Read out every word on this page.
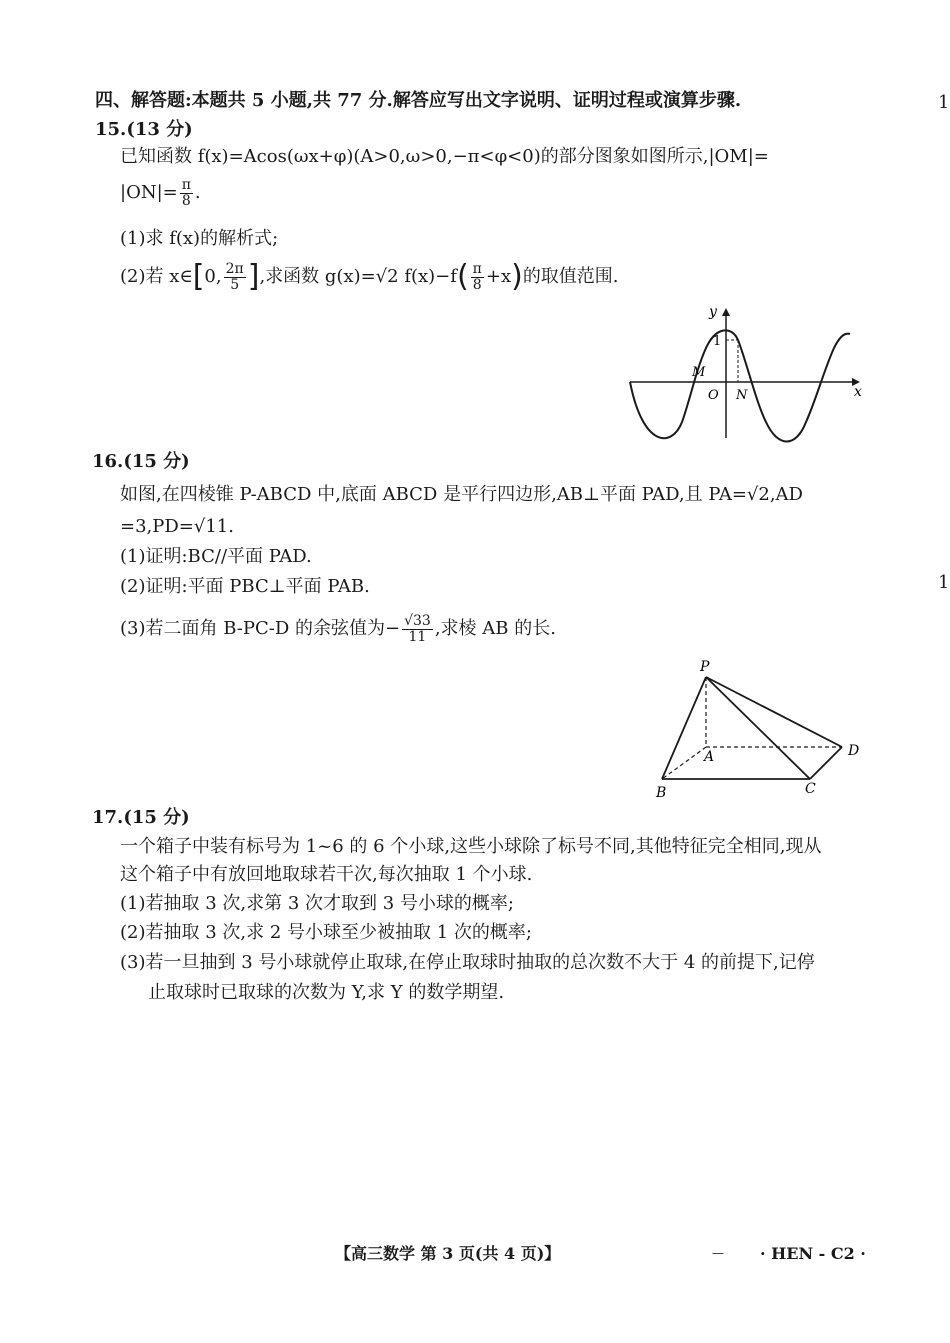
四、解答题:本题共 5 小题,共 77 分.解答应写出文字说明、证明过程或演算步骤.	1
15.(13 分)
已知函数 f(x)=Acos(ωx+φ)(A>0,ω>0,−π<φ<0)的部分图象如图所示,|OM|=
$|ON|= \frac{\pi}{8}$ .
(1)求 f(x)的解析式;
(2)若 x∈[0, $\frac{2\pi}{5}$ ],求函数 g(x)=√2 $f(x)-f( \frac{\pi}{8} +x)$的取值范围.
y
x
1
M
O N
16.(15 分)
如图,在四棱锥 P-ABCD 中,底面 ABCD 是平行四边形,AB⊥平面 PAD,且 PA=√2,AD
=3,PD=√11.
(1)证明:BC//平面 PAD.
(2)证明:平面 PBC⊥平面 PAB.	1
(3)若二面角 B-PC-D 的余弦值为− $\frac{√33}{11}$ ,求棱 AB 的长.
P
A
B	C
D
17.(15 分)
一个箱子中装有标号为 1~6 的 6 个小球,这些小球除了标号不同,其他特征完全相同,现从
这个箱子中有放回地取球若干次,每次抽取 1 个小球.
(1)若抽取 3 次,求第 3 次才取到 3 号小球的概率;
(2)若抽取 3 次,求 2 号小球至少被抽取 1 次的概率;
(3)若一旦抽到 3 号小球就停止取球,在停止取球时抽取的总次数不大于 4 的前提下,记停
止取球时已取球的次数为 Y,求 Y 的数学期望.
【高三数学 第 3 页(共 4 页)】	— · HEN - C2 ·
